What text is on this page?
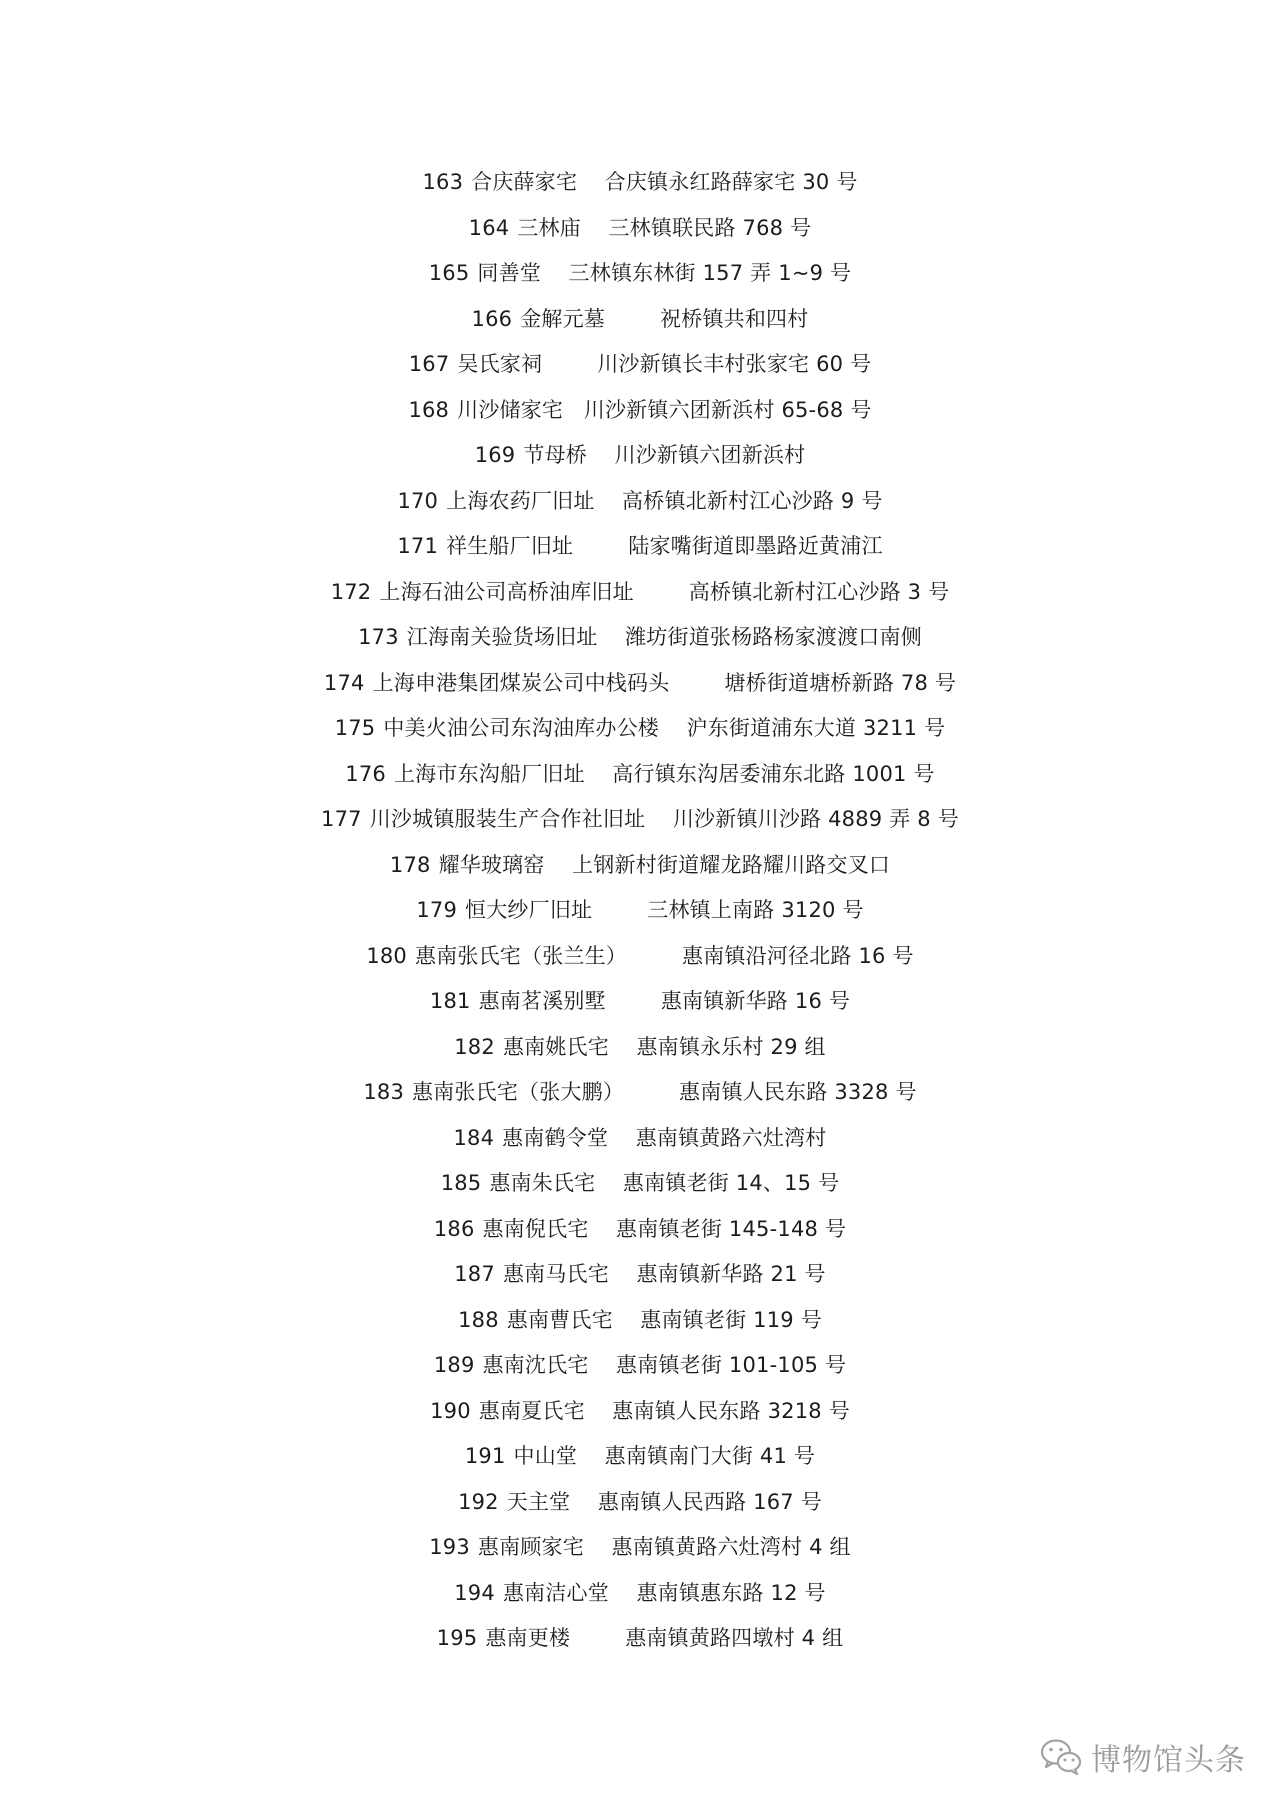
163 合庆薛家宅 合庆镇永红路薛家宅 30 号
164 三林庙 三林镇联民路 768 号
165 同善堂 三林镇东林街 157 弄 1~9 号
166 金解元墓	祝桥镇共和四村
167 吴氏家祠	川沙新镇长丰村张家宅 60 号
168 川沙储家宅 川沙新镇六团新浜村 65-68 号
169 节母桥 川沙新镇六团新浜村
170 上海农药厂旧址 高桥镇北新村江心沙路 9 号
171 祥生船厂旧址	陆家嘴街道即墨路近黄浦江
172 上海石油公司高桥油库旧址	高桥镇北新村江心沙路 3 号
173 江海南关验货场旧址 潍坊街道张杨路杨家渡渡口南侧
174 上海申港集团煤炭公司中栈码头	塘桥街道塘桥新路 78 号
175 中美火油公司东沟油库办公楼 沪东街道浦东大道 3211 号
176 上海市东沟船厂旧址 高行镇东沟居委浦东北路 1001 号
177 川沙城镇服装生产合作社旧址 川沙新镇川沙路 4889 弄 8 号
178 耀华玻璃窑 上钢新村街道耀龙路耀川路交叉口
179 恒大纱厂旧址	三林镇上南路 3120 号
180 惠南张氏宅（张兰生）	惠南镇沿河径北路 16 号
181 惠南茗溪别墅	惠南镇新华路 16 号
182 惠南姚氏宅 惠南镇永乐村 29 组
183 惠南张氏宅（张大鹏）	惠南镇人民东路 3328 号
184 惠南鹤令堂 惠南镇黄路六灶湾村
185 惠南朱氏宅 惠南镇老街 14、15 号
186 惠南倪氏宅 惠南镇老街 145-148 号
187 惠南马氏宅 惠南镇新华路 21 号
188 惠南曹氏宅 惠南镇老街 119 号
189 惠南沈氏宅 惠南镇老街 101-105 号
190 惠南夏氏宅 惠南镇人民东路 3218 号
191 中山堂 惠南镇南门大街 41 号
192 天主堂 惠南镇人民西路 167 号
193 惠南顾家宅 惠南镇黄路六灶湾村 4 组
194 惠南洁心堂 惠南镇惠东路 12 号
195 惠南更楼	惠南镇黄路四墩村 4 组
博物馆头条
